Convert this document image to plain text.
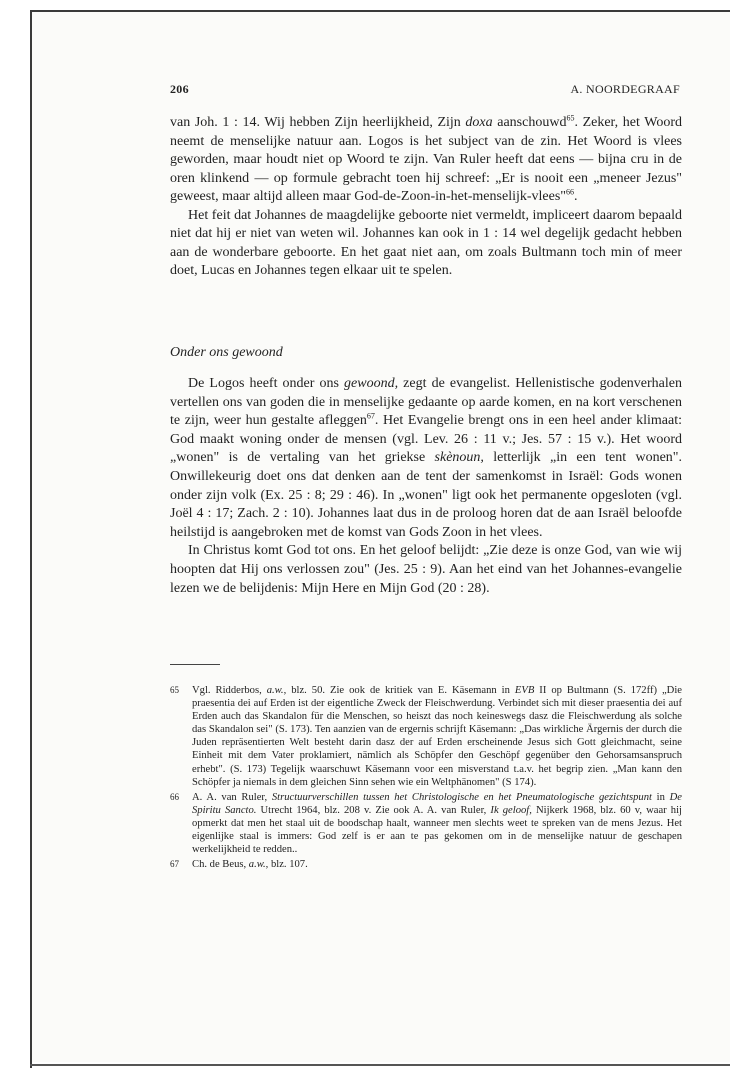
206	A. NOORDEGRAAF

van Joh. 1 : 14. Wij hebben Zijn heerlijkheid, Zijn doxa aanschouwd$^{65}$. Zeker, het Woord neemt de menselijke natuur aan. Logos is het subject van de zin. Het Woord is vlees geworden, maar houdt niet op Woord te zijn. Van Ruler heeft dat eens — bijna cru in de oren klinkend — op formule gebracht toen hij schreef: „Er is nooit een „meneer Jezus" geweest, maar altijd alleen maar God-de-Zoon-in-het-menselijk-vlees"$^{66}$.

Het feit dat Johannes de maagdelijke geboorte niet vermeldt, impliceert daarom bepaald niet dat hij er niet van weten wil. Johannes kan ook in 1 : 14 wel degelijk gedacht hebben aan de wonderbare geboorte. En het gaat niet aan, om zoals Bultmann toch min of meer doet, Lucas en Johannes tegen elkaar uit te spelen.

Onder ons gewoond

De Logos heeft onder ons gewoond, zegt de evangelist. Hellenistische godenverhalen vertellen ons van goden die in menselijke gedaante op aarde komen, en na kort verschenen te zijn, weer hun gestalte afleggen$^{67}$. Het Evangelie brengt ons in een heel ander klimaat: God maakt woning onder de mensen (vgl. Lev. 26 : 11 v.; Jes. 57 : 15 v.). Het woord „wonen" is de vertaling van het griekse skènoun, letterlijk „in een tent wonen". Onwillekeurig doet ons dat denken aan de tent der samenkomst in Israël: Gods wonen onder zijn volk (Ex. 25 : 8; 29 : 46). In „wonen" ligt ook het permanente opgesloten (vgl. Joël 4 : 17; Zach. 2 : 10). Johannes laat dus in de proloog horen dat de aan Israël beloofde heilstijd is aangebroken met de komst van Gods Zoon in het vlees.

In Christus komt God tot ons. En het geloof belijdt: „Zie deze is onze God, van wie wij hoopten dat Hij ons verlossen zou" (Jes. 25 : 9). Aan het eind van het Johannes-evangelie lezen we de belijdenis: Mijn Here en Mijn God (20 : 28).

65 Vgl. Ridderbos, a.w., blz. 50. Zie ook de kritiek van E. Käsemann in EVB II op Bultmann (S. 172ff) „Die praesentia dei auf Erden ist der eigentliche Zweck der Fleischwerdung. Verbindet sich mit dieser praesentia dei auf Erden auch das Skandalon für die Menschen, so heiszt das noch keineswegs dasz die Fleischwerdung als solche das Skandalon sei" (S. 173). Ten aanzien van de ergernis schrijft Käsemann: „Das wirkliche Ärgernis der durch die Juden repräsentierten Welt besteht darin dasz der auf Erden erscheinende Jesus sich Gott gleichmacht, seine Einheit mit dem Vater proklamiert, nämlich als Schöpfer den Geschöpf gegenüber den Gehorsamsanspruch erhebt". (S. 173) Tegelijk waarschuwt Käsemann voor een misverstand t.a.v. het begrip zien. „Man kann den Schöpfer ja niemals in dem gleichen Sinn sehen wie ein Weltphänomen" (S 174).
66 A. A. van Ruler, Structuurverschillen tussen het Christologische en het Pneumatologische gezichtspunt in De Spiritu Sancto. Utrecht 1964, blz. 208 v. Zie ook A. A. van Ruler, Ik geloof, Nijkerk 1968, blz. 60 v, waar hij opmerkt dat men het staal uit de boodschap haalt, wanneer men slechts weet te spreken van de mens Jezus. Het eigenlijke staal is immers: God zelf is er aan te pas gekomen om in de menselijke natuur de geschapen werkelijkheid te redden..
67 Ch. de Beus, a.w., blz. 107.
